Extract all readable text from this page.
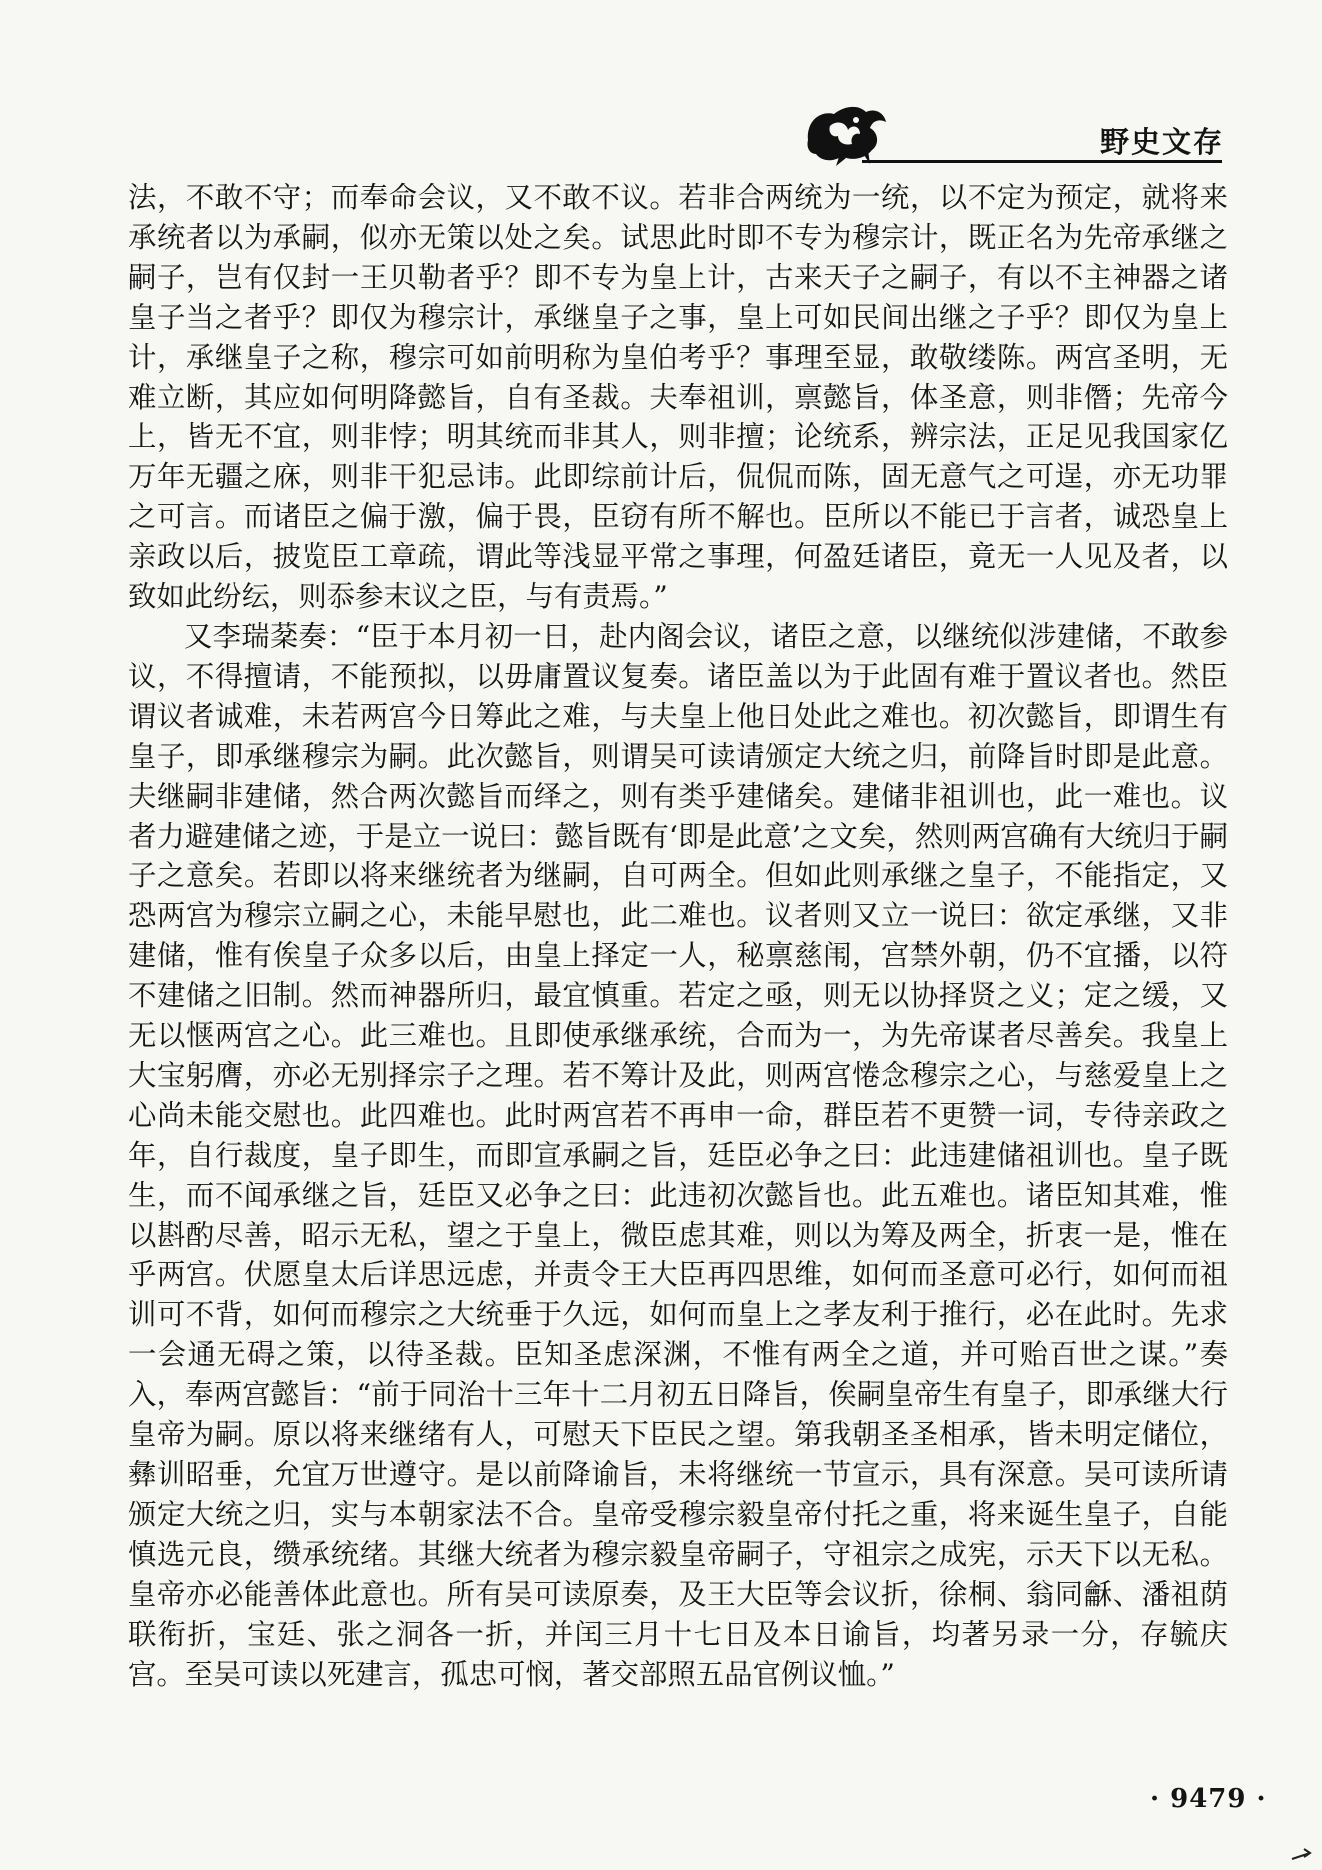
野史文存

法，不敢不守；而奉命会议，又不敢不议。若非合两统为一统，以不定为预定，就将来承统者以为承嗣，似亦无策以处之矣。试思此时即不专为穆宗计，既正名为先帝承继之嗣子，岂有仅封一王贝勒者乎？即不专为皇上计，古来天子之嗣子，有以不主神器之诸皇子当之者乎？即仅为穆宗计，承继皇子之事，皇上可如民间出继之子乎？即仅为皇上计，承继皇子之称，穆宗可如前明称为皇伯考乎？事理至显，敢敬缕陈。两宫圣明，无难立断，其应如何明降懿旨，自有圣裁。夫奉祖训，禀懿旨，体圣意，则非僭；先帝今上，皆无不宜，则非悖；明其统而非其人，则非擅；论统系，辨宗法，正足见我国家亿万年无疆之庥，则非干犯忌讳。此即综前计后，侃侃而陈，固无意气之可逞，亦无功罪之可言。而诸臣之偏于激，偏于畏，臣窃有所不解也。臣所以不能已于言者，诚恐皇上亲政以后，披览臣工章疏，谓此等浅显平常之事理，何盈廷诸臣，竟无一人见及者，以致如此纷纭，则忝参末议之臣，与有责焉。”

又李瑞棻奏：“臣于本月初一日，赴内阁会议，诸臣之意，以继统似涉建储，不敢参议，不得擅请，不能预拟，以毋庸置议复奏。诸臣盖以为于此固有难于置议者也。然臣谓议者诚难，未若两宫今日筹此之难，与夫皇上他日处此之难也。初次懿旨，即谓生有皇子，即承继穆宗为嗣。此次懿旨，则谓吴可读请颁定大统之归，前降旨时即是此意。夫继嗣非建储，然合两次懿旨而绎之，则有类乎建储矣。建储非祖训也，此一难也。议者力避建储之迹，于是立一说曰：懿旨既有‘即是此意’之文矣，然则两宫确有大统归于嗣子之意矣。若即以将来继统者为继嗣，自可两全。但如此则承继之皇子，不能指定，又恐两宫为穆宗立嗣之心，未能早慰也，此二难也。议者则又立一说曰：欲定承继，又非建储，惟有俟皇子众多以后，由皇上择定一人，秘禀慈闱，宫禁外朝，仍不宜播，以符不建储之旧制。然而神器所归，最宜慎重。若定之亟，则无以协择贤之义；定之缓，又无以惬两宫之心。此三难也。且即使承继承统，合而为一，为先帝谋者尽善矣。我皇上大宝躬膺，亦必无别择宗子之理。若不筹计及此，则两宫惓念穆宗之心，与慈爱皇上之心尚未能交慰也。此四难也。此时两宫若不再申一命，群臣若不更赞一词，专待亲政之年，自行裁度，皇子即生，而即宣承嗣之旨，廷臣必争之曰：此违建储祖训也。皇子既生，而不闻承继之旨，廷臣又必争之曰：此违初次懿旨也。此五难也。诸臣知其难，惟以斟酌尽善，昭示无私，望之于皇上，微臣虑其难，则以为筹及两全，折衷一是，惟在乎两宫。伏愿皇太后详思远虑，并责令王大臣再四思维，如何而圣意可必行，如何而祖训可不背，如何而穆宗之大统垂于久远，如何而皇上之孝友利于推行，必在此时。先求一会通无碍之策，以待圣裁。臣知圣虑深渊，不惟有两全之道，并可贻百世之谋。”奏入，奉两宫懿旨：“前于同治十三年十二月初五日降旨，俟嗣皇帝生有皇子，即承继大行皇帝为嗣。原以将来继绪有人，可慰天下臣民之望。第我朝圣圣相承，皆未明定储位，彝训昭垂，允宜万世遵守。是以前降谕旨，未将继统一节宣示，具有深意。吴可读所请颁定大统之归，实与本朝家法不合。皇帝受穆宗毅皇帝付托之重，将来诞生皇子，自能慎选元良，缵承统绪。其继大统者为穆宗毅皇帝嗣子，守祖宗之成宪，示天下以无私。皇帝亦必能善体此意也。所有吴可读原奏，及王大臣等会议折，徐桐、翁同龢、潘祖荫联衔折，宝廷、张之洞各一折，并闰三月十七日及本日谕旨，均著另录一分，存毓庆宫。至吴可读以死建言，孤忠可悯，著交部照五品官例议恤。”

· 9479 ·
